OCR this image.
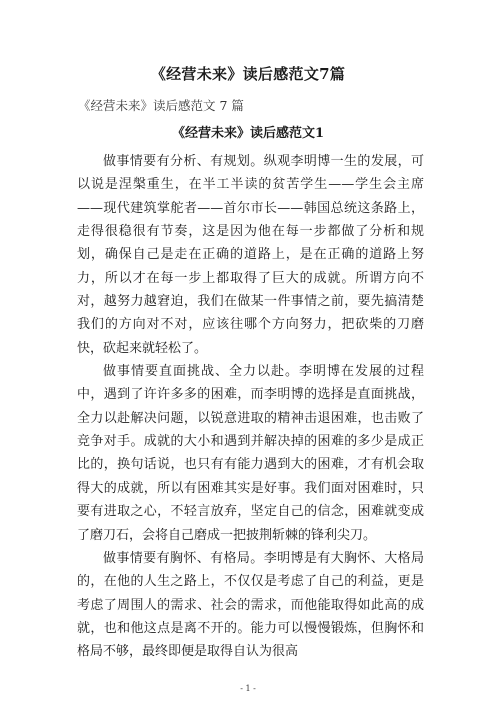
《经营未来》读后感范文7篇
《经营未来》读后感范文 7 篇
《经营未来》读后感范文1

做事情要有分析、有规划。纵观李明博一生的发展，可以说是涅槃重生，在半工半读的贫苦学生——学生会主席——现代建筑掌舵者——首尔市长——韩国总统这条路上，走得很稳很有节奏，这是因为他在每一步都做了分析和规划，确保自己是走在正确的道路上，是在正确的道路上努力，所以才在每一步上都取得了巨大的成就。所谓方向不对，越努力越窘迫，我们在做某一件事情之前，要先搞清楚我们的方向对不对，应该往哪个方向努力，把砍柴的刀磨快，砍起来就轻松了。

做事情要直面挑战、全力以赴。李明博在发展的过程中，遇到了许许多多的困难，而李明博的选择是直面挑战，全力以赴解决问题，以锐意进取的精神击退困难，也击败了竞争对手。成就的大小和遇到并解决掉的困难的多少是成正比的，换句话说，也只有有能力遇到大的困难，才有机会取得大的成就，所以有困难其实是好事。我们面对困难时，只要有进取之心，不轻言放弃，坚定自己的信念，困难就变成了磨刀石，会将自己磨成一把披荆斩棘的锋利尖刀。

做事情要有胸怀、有格局。李明博是有大胸怀、大格局的，在他的人生之路上，不仅仅是考虑了自己的利益，更是考虑了周围人的需求、社会的需求，而他能取得如此高的成就，也和他这点是离不开的。能力可以慢慢锻炼，但胸怀和格局不够，最终即便是取得自认为很高

- 1 -
